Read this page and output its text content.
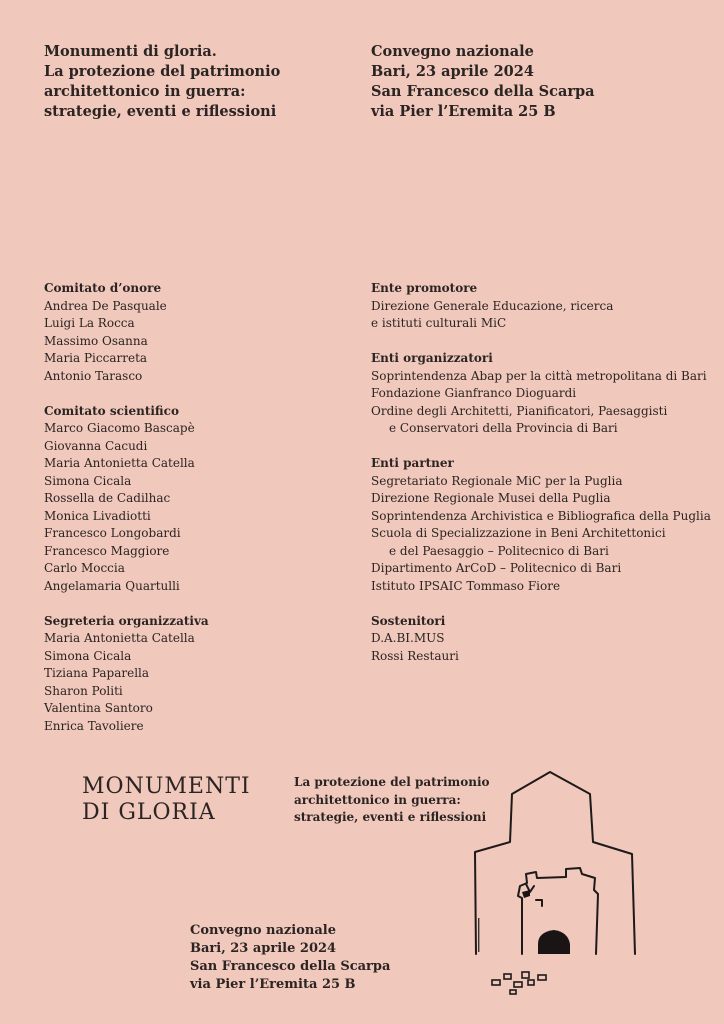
Monumenti di gloria.
La protezione del patrimonio
architettonico in guerra:
strategie, eventi e riflessioni
Convegno nazionale
Bari, 23 aprile 2024
San Francesco della Scarpa
via Pier l’Eremita 25 B
Comitato d’onore
Andrea De Pasquale
Luigi La Rocca
Massimo Osanna
Maria Piccarreta
Antonio Tarasco
Comitato scientifico
Marco Giacomo Bascapè
Giovanna Cacudi
Maria Antonietta Catella
Simona Cicala
Rossella de Cadilhac
Monica Livadiotti
Francesco Longobardi
Francesco Maggiore
Carlo Moccia
Angelamaria Quartulli
Segreteria organizzativa
Maria Antonietta Catella
Simona Cicala
Tiziana Paparella
Sharon Politi
Valentina Santoro
Enrica Tavoliere
Ente promotore
Direzione Generale Educazione, ricerca
e istituti culturali MiC
Enti organizzatori
Soprintendenza Abap per la città metropolitana di Bari
Fondazione Gianfranco Dioguardi
Ordine degli Architetti, Pianificatori, Paesaggisti
e Conservatori della Provincia di Bari
Enti partner
Segretariato Regionale MiC per la Puglia
Direzione Regionale Musei della Puglia
Soprintendenza Archivistica e Bibliografica della Puglia
Scuola di Specializzazione in Beni Architettonici
e del Paesaggio – Politecnico di Bari
Dipartimento ArCoD – Politecnico di Bari
Istituto IPSAIC Tommaso Fiore
Sostenitori
D.A.BI.MUS
Rossi Restauri
MONUMENTI
DI GLORIA
La protezione del patrimonio
architettonico in guerra:
strategie, eventi e riflessioni
Convegno nazionale
Bari, 23 aprile 2024
San Francesco della Scarpa
via Pier l’Eremita 25 B
